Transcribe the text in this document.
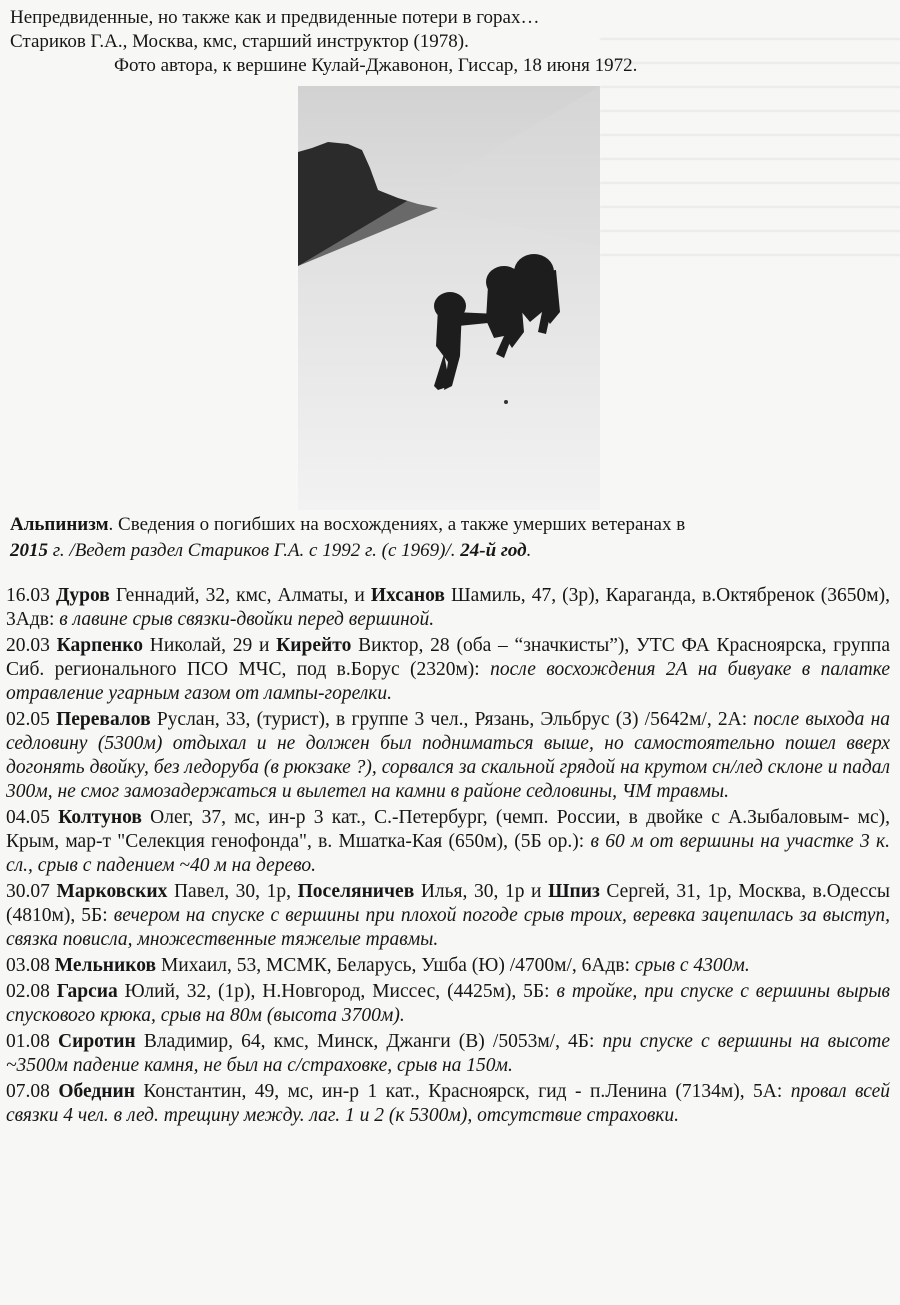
Непредвиденные, но также как и предвиденные потери в горах…
Стариков Г.А., Москва, кмс, старший инструктор (1978).
Фото автора, к вершине Кулай-Джавонон, Гиссар, 18 июня 1972.
Альпинизм. Сведения о погибших на восхождениях, а также умерших ветеранах в
2015 г. /Ведет раздел Стариков Г.А. с 1992 г. (с 1969)/. 24-й год.
16.03 Дуров Геннадий, 32, кмс, Алматы, и Ихсанов Шамиль, 47, (3р), Караганда, в.Октябренок (3650м), 3Адв: в лавине срыв связки-двойки перед вершиной.
20.03 Карпенко Николай, 29 и Кирейто Виктор, 28 (оба – “значкисты”), УТС ФА Красноярска, группа Сиб. регионального ПСО МЧС, под в.Борус (2320м): после восхождения 2А на бивуаке в палатке отравление угарным газом от лампы-горелки.
02.05 Перевалов Руслан, 33, (турист), в группе 3 чел., Рязань, Эльбрус (З) /5642м/, 2А: после выхода на седловину (5300м) отдыхал и не должен был подниматься выше, но самостоятельно пошел вверх догонять двойку, без ледоруба (в рюкзаке ?), сорвался за скальной грядой на крутом сн/лед склоне и падал 300м, не смог замозадержаться и вылетел на камни в районе седловины, ЧМ травмы.
04.05 Колтунов Олег, 37, мс, ин-р 3 кат., С.-Петербург, (чемп. России, в двойке с А.Зыбаловым- мс), Крым, мар-т "Селекция генофонда", в. Мшатка-Кая (650м), (5Б ор.): в 60 м от вершины на участке 3 к. сл., срыв с падением ~40 м на дерево.
30.07 Марковских Павел, 30, 1р, Поселяничев Илья, 30, 1р и Шпиз Сергей, 31, 1р, Москва, в.Одессы (4810м), 5Б: вечером на спуске с вершины при плохой погоде срыв троих, веревка зацепилась за выступ, связка повисла, множественные тяжелые травмы.
03.08 Мельников Михаил, 53, МСМК, Беларусь, Ушба (Ю) /4700м/, 6Адв: срыв с 4300м.
02.08 Гарсиа Юлий, 32, (1р), Н.Новгород, Миссес, (4425м), 5Б: в тройке, при спуске с вершины вырыв спускового крюка, срыв на 80м (высота 3700м).
01.08 Сиротин Владимир, 64, кмс, Минск, Джанги (В) /5053м/, 4Б: при спуске с вершины на высоте ~3500м падение камня, не был на с/страховке, срыв на 150м.
07.08 Обеднин Константин, 49, мс, ин-р 1 кат., Красноярск, гид - п.Ленина (7134м), 5А: провал всей связки 4 чел. в лед. трещину между. лаг. 1 и 2 (к 5300м), отсутствие страховки.
